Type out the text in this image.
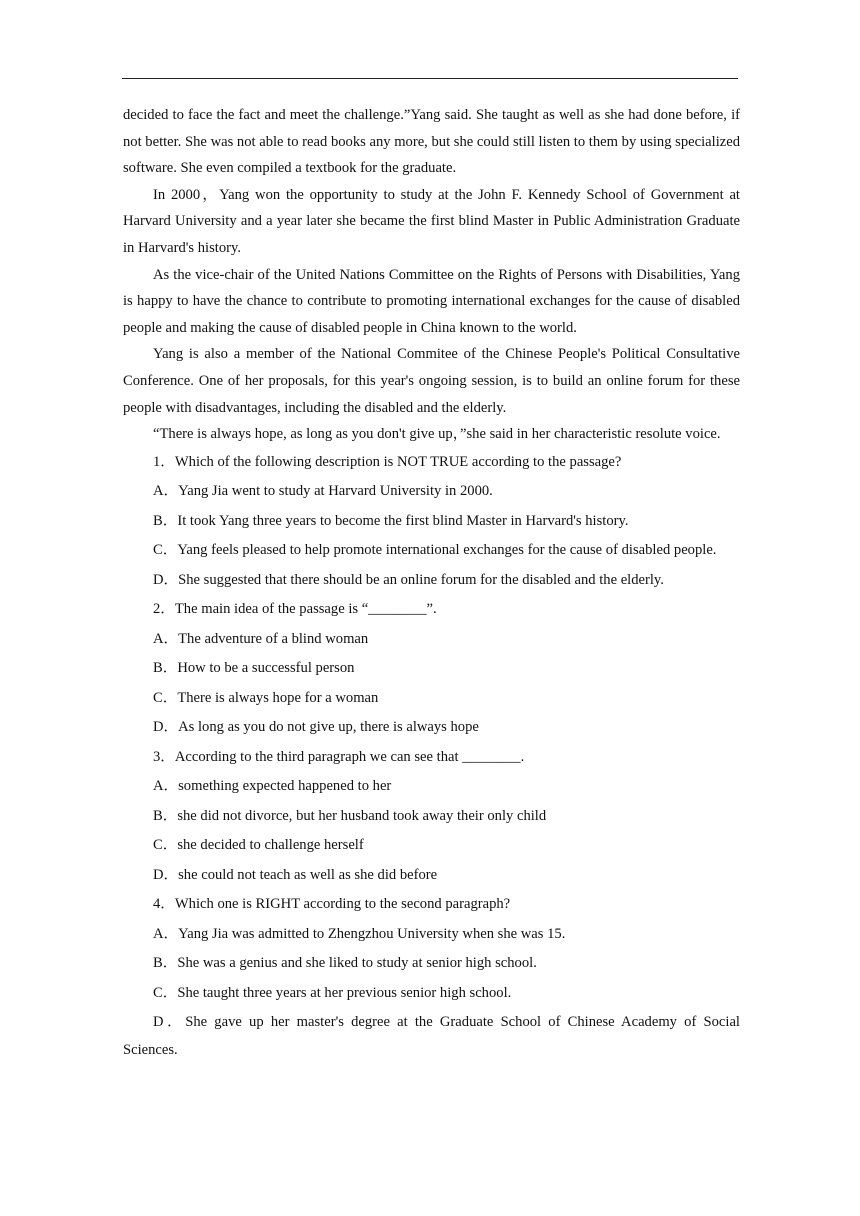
decided to face the fact and meet the challenge.”Yang said. She taught as well as she had done before, if not better. She was not able to read books any more, but she could still listen to them by using specialized software. She even compiled a textbook for the graduate.

In 2000，Yang won the opportunity to study at the John F. Kennedy School of Government at Harvard University and a year later she became the first blind Master in Public Administration Graduate in Harvard's history.

As the vice-chair of the United Nations Committee on the Rights of Persons with Disabilities, Yang is happy to have the chance to contribute to promoting international exchanges for the cause of disabled people and making the cause of disabled people in China known to the world.

Yang is also a member of the National Commitee of the Chinese People's Political Consultative Conference. One of her proposals, for this year's ongoing session, is to build an online forum for these people with disadvantages, including the disabled and the elderly.

“There is always hope, as long as you don't give up，”she said in her characteristic resolute voice.

1．Which of the following description is NOT TRUE according to the passage?

A．Yang Jia went to study at Harvard University in 2000.

B．It took Yang three years to become the first blind Master in Harvard's history.

C．Yang feels pleased to help promote international exchanges for the cause of disabled people.

D．She suggested that there should be an online forum for the disabled and the elderly.

2．The main idea of the passage is “________”.

A．The adventure of a blind woman

B．How to be a successful person

C．There is always hope for a woman

D．As long as you do not give up, there is always hope

3．According to the third paragraph we can see that ________.

A．something expected happened to her

B．she did not divorce, but her husband took away their only child

C．she decided to challenge herself

D．she could not teach as well as she did before

4．Which one is RIGHT according to the second paragraph?

A．Yang Jia was admitted to Zhengzhou University when she was 15.

B．She was a genius and she liked to study at senior high school.

C．She taught three years at her previous senior high school.

D．She gave up her master's degree at the Graduate School of Chinese Academy of Social Sciences.
